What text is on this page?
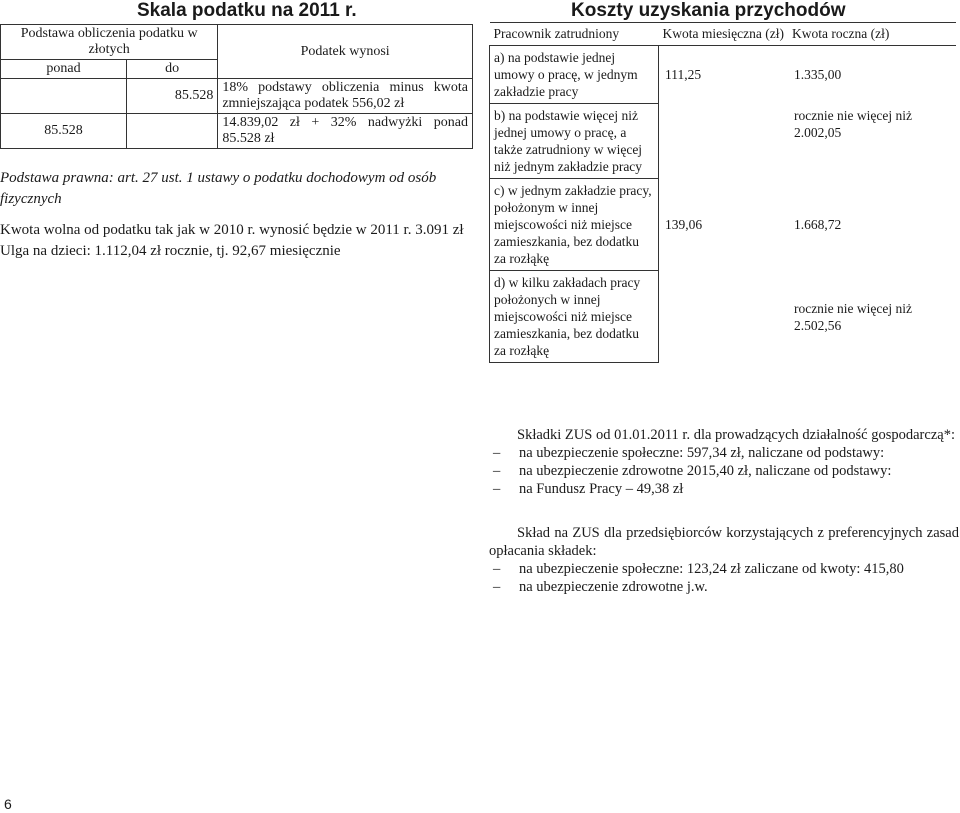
Skala podatku na 2011 r.
Podstawa obliczenia podatku w złotych		Podatek wynosi
ponad	do	
	85.528	18% podstawy obliczenia minus kwota zmniejszająca podatek 556,02 zł
85.528		14.839,02 zł + 32% nadwyżki ponad 85.528 zł

Podstawa prawna: art. 27 ust. 1 ustawy o podatku dochodowym od osób fizycznych

Kwota wolna od podatku tak jak w 2010 r. wynosić będzie w 2011 r. 3.091 zł

Ulga na dzieci: 1.112,04 zł rocznie, tj. 92,67 miesięcznie

Koszty uzyskania przychodów
Pracownik zatrudniony	Kwota miesięczna (zł)	Kwota roczna (zł)
a) na podstawie jednej umowy o pracę, w jednym zakładzie pracy	111,25	1.335,00
b) na podstawie więcej niż jednej umowy o pracę, a także zatrudniony w więcej niż jednym zakładzie pracy		rocznie nie więcej niż 2.002,05
c) w jednym zakładzie pracy, położonym w innej miejscowości niż miejsce zamieszkania, bez dodatku za rozłąkę	139,06	1.668,72
d) w kilku zakładach pracy położonych w innej miejscowości niż miejsce zamieszkania, bez dodatku za rozłąkę		rocznie nie więcej niż 2.502,56

Składki ZUS od 01.01.2011 r. dla prowadzących działalność gospodarczą*:

– na ubezpieczenie społeczne: 597,34 zł, naliczane od podstawy:
– na ubezpieczenie zdrowotne 2015,40 zł, naliczane od podstawy:
– na Fundusz Pracy – 49,38 zł

Skład na ZUS dla przedsiębiorców korzystających z preferencyjnych zasad opłacania składek:

– na ubezpieczenie społeczne: 123,24 zł zaliczane od kwoty: 415,80
– na ubezpieczenie zdrowotne j.w.
6
